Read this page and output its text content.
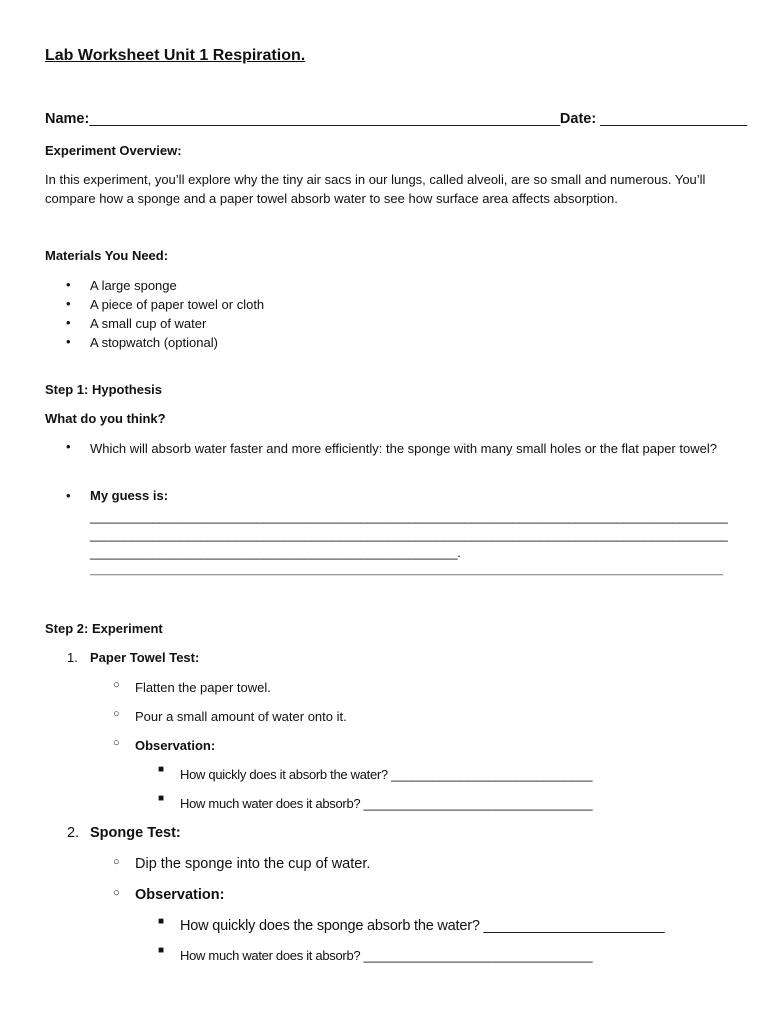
Lab Worksheet Unit 1 Respiration.
Name:_____________________________________________________________Date: ___________________
Experiment Overview:
In this experiment, you’ll explore why the tiny air sacs in our lungs, called alveoli, are so small and numerous. You’ll compare how a sponge and a paper towel absorb water to see how surface area affects absorption.
Materials You Need:
• A large sponge
• A piece of paper towel or cloth
• A small cup of water
• A stopwatch (optional)
Step 1: Hypothesis
What do you think?
• Which will absorb water faster and more efficiently: the sponge with many small holes or the flat paper towel?
• My guess is:
____________________________________________________________________________________________
____________________________________________________________________________________________
_____________________________________________________.
Step 2: Experiment
1. Paper Towel Test:
○ Flatten the paper towel.
○ Pour a small amount of water onto it.
○ Observation:
■ How quickly does it absorb the water? _____________________________
■ How much water does it absorb? _________________________________
2. Sponge Test:
○ Dip the sponge into the cup of water.
○ Observation:
■ How quickly does the sponge absorb the water? _______________________
■ How much water does it absorb? _________________________________
